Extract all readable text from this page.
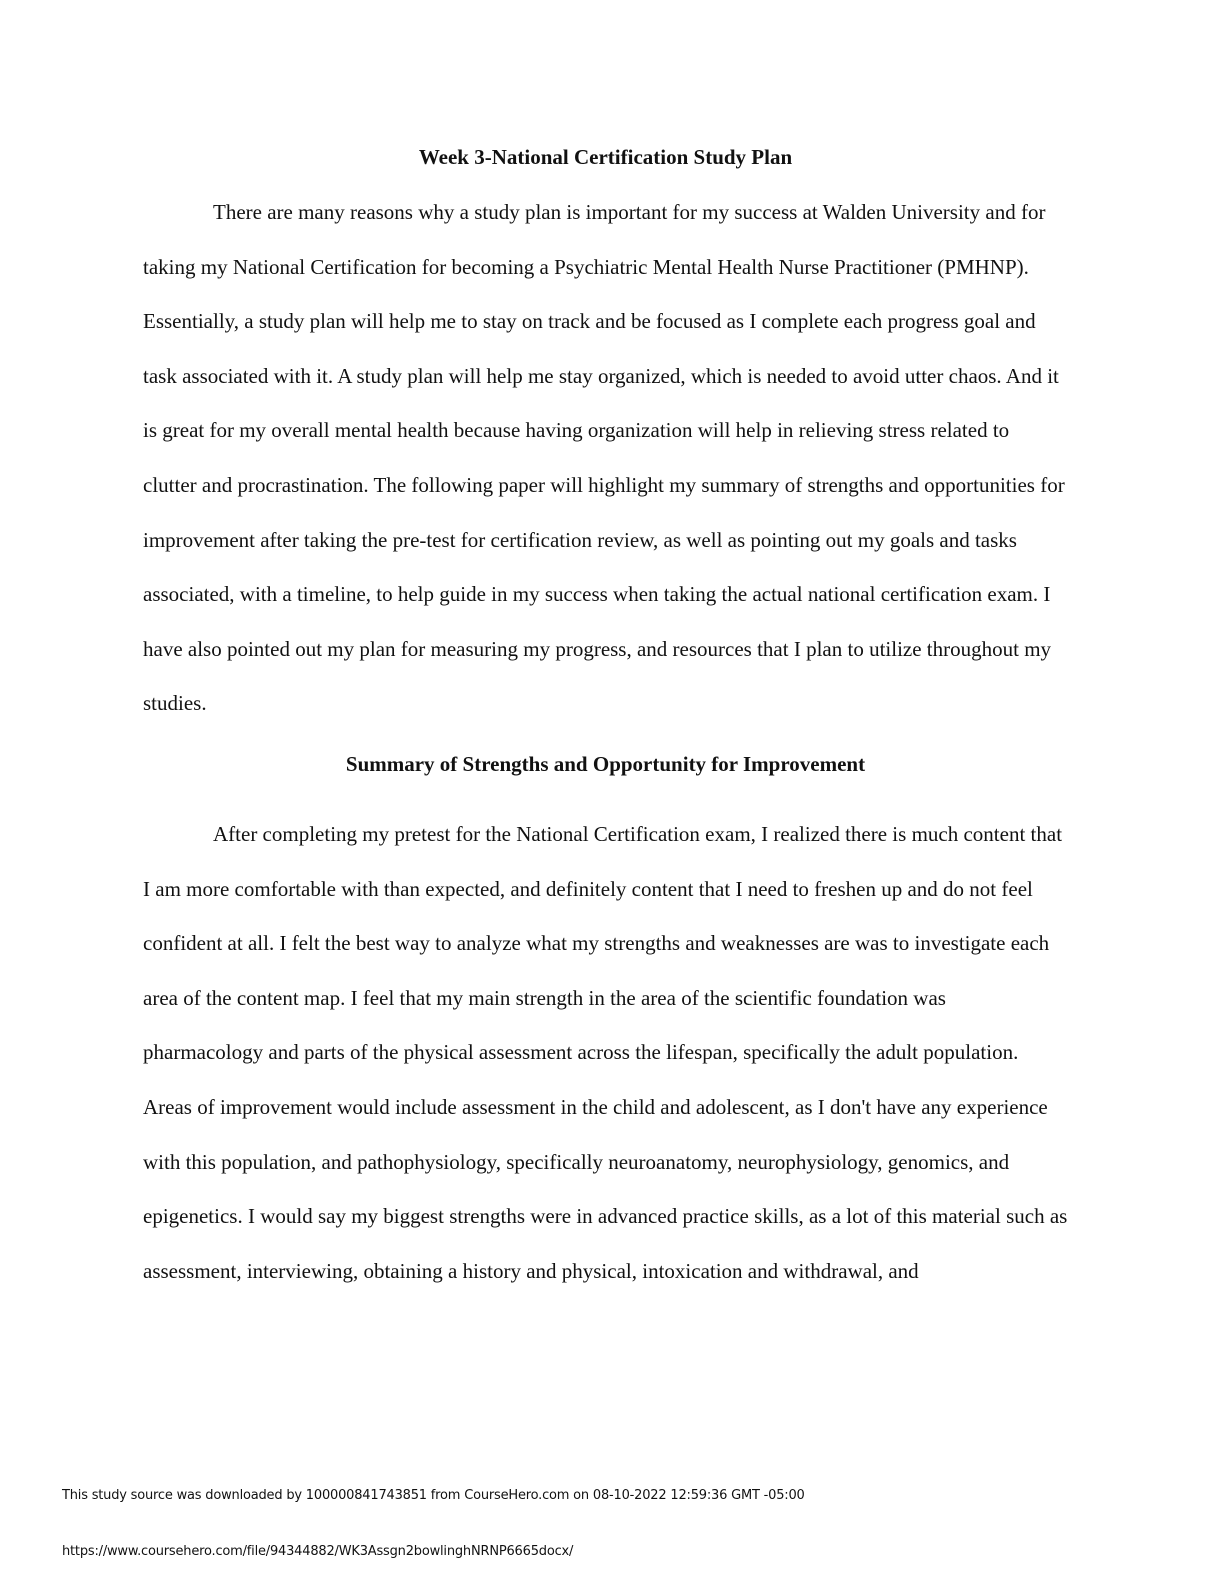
Week 3-National Certification Study Plan

There are many reasons why a study plan is important for my success at Walden University and for taking my National Certification for becoming a Psychiatric Mental Health Nurse Practitioner (PMHNP). Essentially, a study plan will help me to stay on track and be focused as I complete each progress goal and task associated with it. A study plan will help me stay organized, which is needed to avoid utter chaos. And it is great for my overall mental health because having organization will help in relieving stress related to clutter and procrastination. The following paper will highlight my summary of strengths and opportunities for improvement after taking the pre-test for certification review, as well as pointing out my goals and tasks associated, with a timeline, to help guide in my success when taking the actual national certification exam. I have also pointed out my plan for measuring my progress, and resources that I plan to utilize throughout my studies.

Summary of Strengths and Opportunity for Improvement

After completing my pretest for the National Certification exam, I realized there is much content that I am more comfortable with than expected, and definitely content that I need to freshen up and do not feel confident at all. I felt the best way to analyze what my strengths and weaknesses are was to investigate each area of the content map. I feel that my main strength in the area of the scientific foundation was pharmacology and parts of the physical assessment across the lifespan, specifically the adult population. Areas of improvement would include assessment in the child and adolescent, as I don't have any experience with this population, and pathophysiology, specifically neuroanatomy, neurophysiology, genomics, and epigenetics. I would say my biggest strengths were in advanced practice skills, as a lot of this material such as assessment, interviewing, obtaining a history and physical, intoxication and withdrawal, and

This study source was downloaded by 100000841743851 from CourseHero.com on 08-10-2022 12:59:36 GMT -05:00
https://www.coursehero.com/file/94344882/WK3Assgn2bowlinghNRNP6665docx/
